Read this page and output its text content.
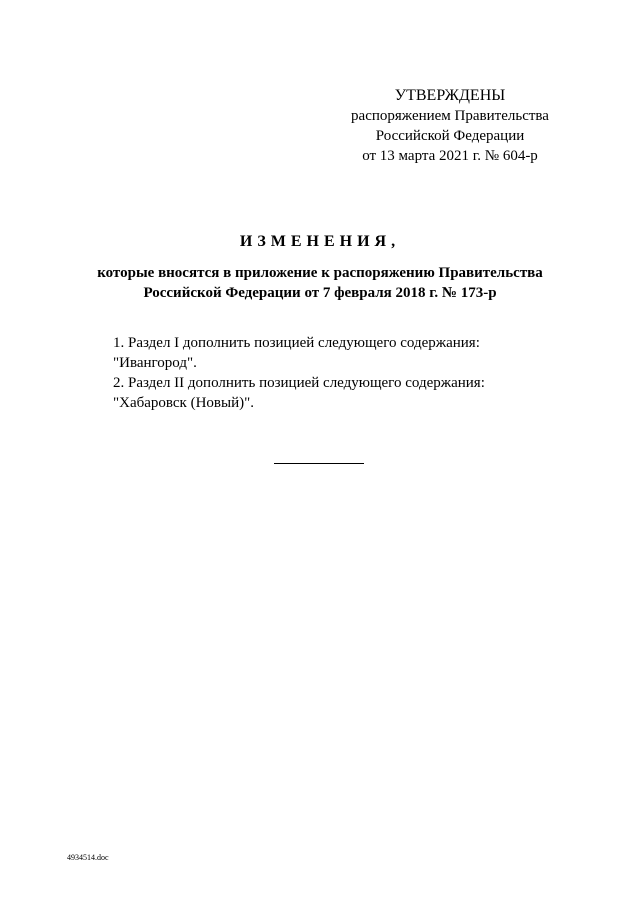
УТВЕРЖДЕНЫ
распоряжением Правительства
Российской Федерации
от 13 марта 2021 г. № 604-р
ИЗМЕНЕНИЯ,
которые вносятся в приложение к распоряжению Правительства
Российской Федерации от 7 февраля 2018 г. № 173-р

1. Раздел I дополнить позицией следующего содержания:

"Ивангород".

2. Раздел II дополнить позицией следующего содержания:

"Хабаровск (Новый)".

4934514.doc
